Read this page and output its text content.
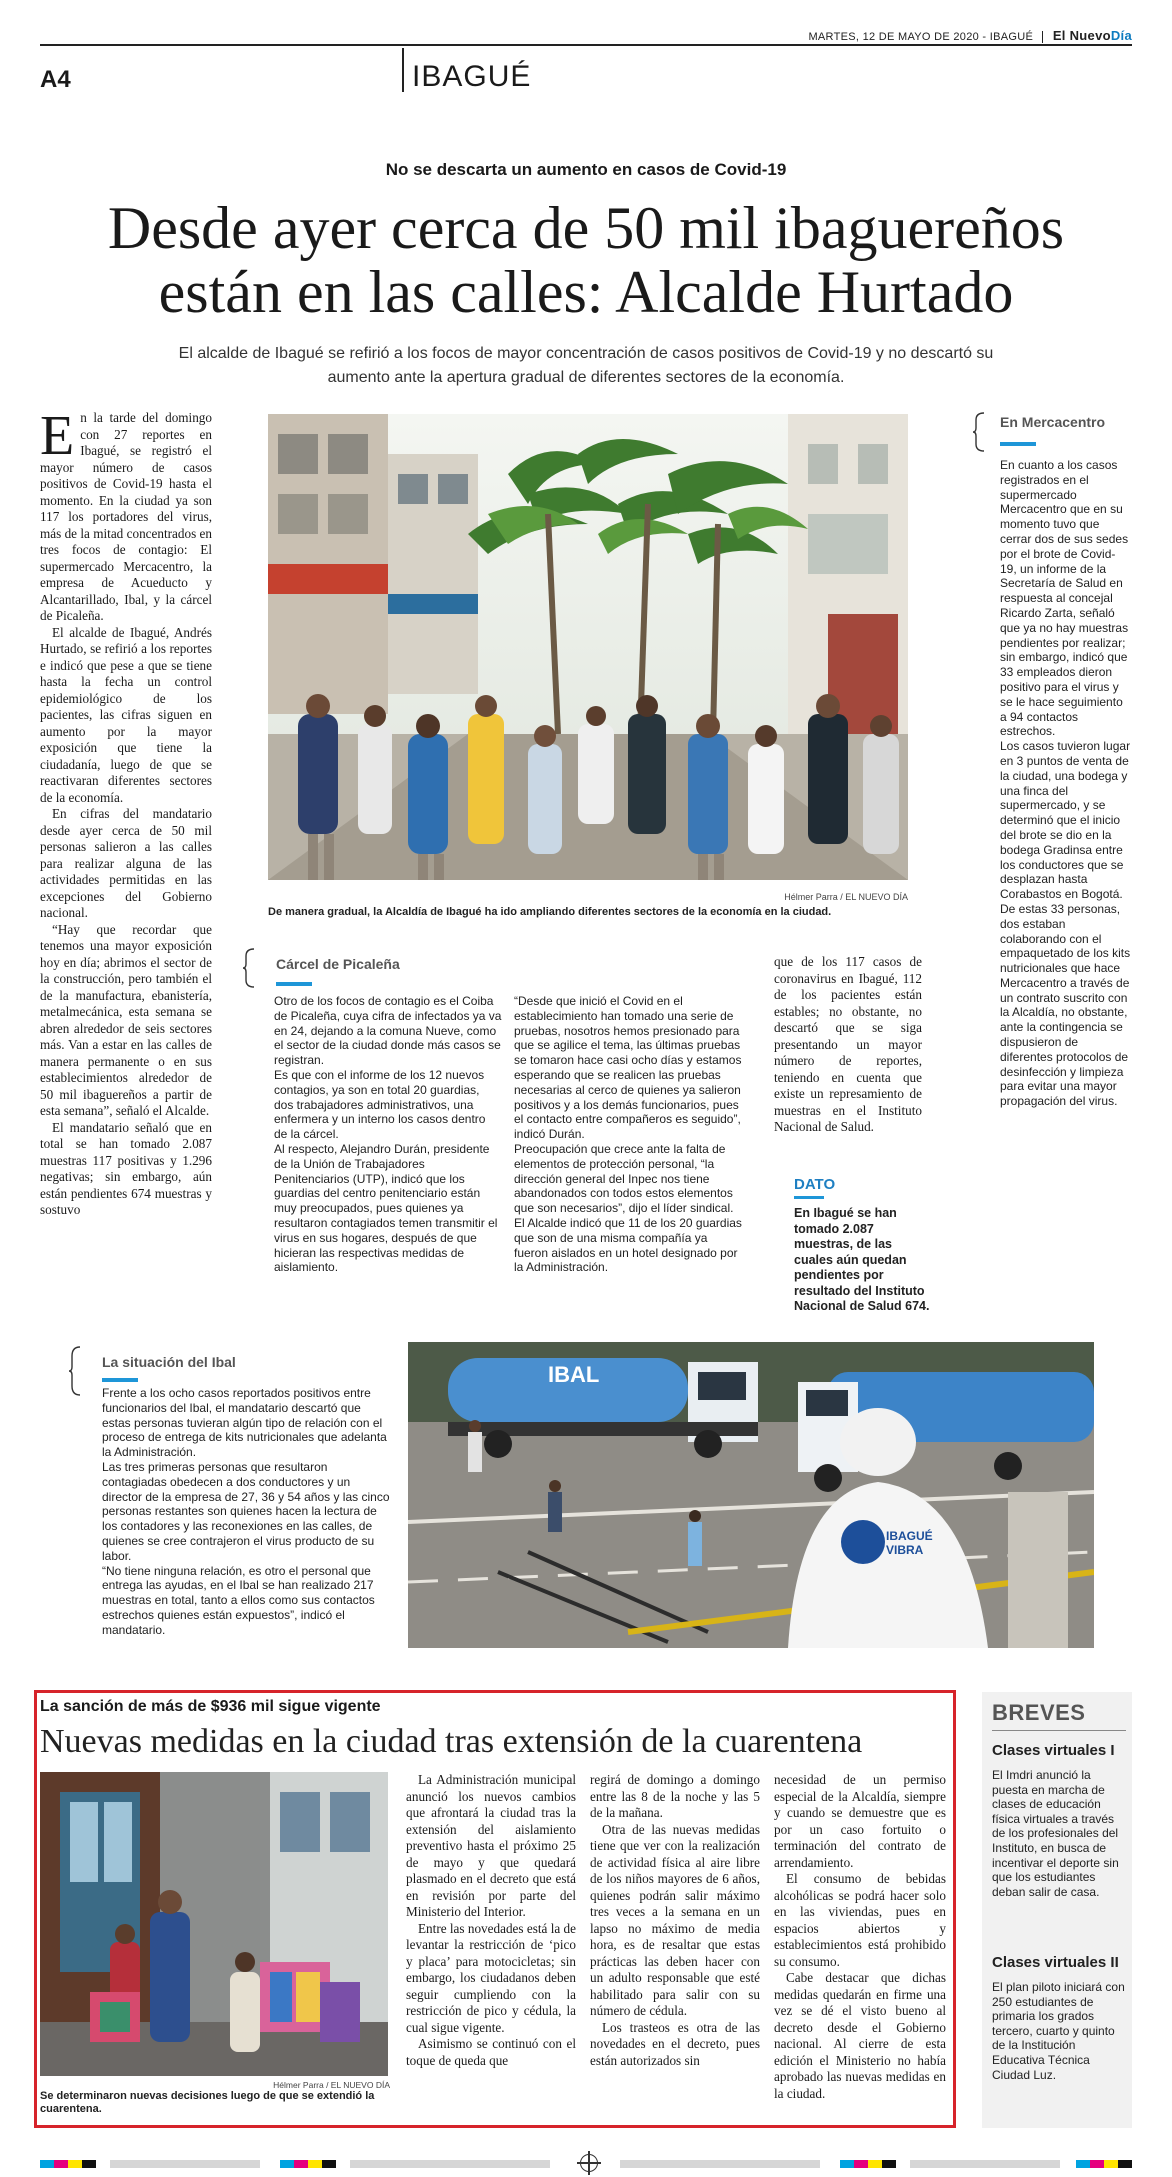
MARTES, 12 DE MAYO DE 2020 - IBAGUÉ El NuevoDía
A4	IBAGUÉ
No se descarta un aumento en casos de Covid-19
Desde ayer cerca de 50 mil ibaguereños están en las calles: Alcalde Hurtado
El alcalde de Ibagué se refirió a los focos de mayor concentración de casos positivos de Covid-19 y no descartó su aumento ante la apertura gradual de diferentes sectores de la economía.

En la tarde del domingo con 27 reportes en Ibagué, se registró el mayor número de casos positivos de Covid-19 hasta el momento. En la ciudad ya son 117 los portadores del virus, más de la mitad concentrados en tres focos de contagio: El supermercado Mercacentro, la empresa de Acueducto y Alcantarillado, Ibal, y la cárcel de Picaleña.

El alcalde de Ibagué, Andrés Hurtado, se refirió a los reportes e indicó que pese a que se tiene hasta la fecha un control epidemiológico de los pacientes, las cifras siguen en aumento por la mayor exposición que tiene la ciudadanía, luego de que se reactivaran diferentes sectores de la economía.

En cifras del mandatario desde ayer cerca de 50 mil personas salieron a las calles para realizar alguna de las actividades permitidas en las excepciones del Gobierno nacional.

“Hay que recordar que tenemos una mayor exposición hoy en día; abrimos el sector de la construcción, pero también el de la manufactura, ebanistería, metalmecánica, esta semana se abren alrededor de seis sectores más. Van a estar en las calles de manera permanente o en sus establecimientos alrededor de 50 mil ibaguereños a partir de esta semana”, señaló el Alcalde.

El mandatario señaló que en total se han tomado 2.087 muestras 117 positivas y 1.296 negativas; sin embargo, aún están pendientes 674 muestras y sostuvo

Hélmer Parra / EL NUEVO DÍA
De manera gradual, la Alcaldía de Ibagué ha ido ampliando diferentes sectores de la economía en la ciudad.
En Mercacentro

En cuanto a los casos registrados en el supermercado Mercacentro que en su momento tuvo que cerrar dos de sus sedes por el brote de Covid-19, un informe de la Secretaría de Salud en respuesta al concejal Ricardo Zarta, señaló que ya no hay muestras pendientes por realizar; sin embargo, indicó que 33 empleados dieron positivo para el virus y se le hace seguimiento a 94 contactos estrechos.

Los casos tuvieron lugar en 3 puntos de venta de la ciudad, una bodega y una finca del supermercado, y se determinó que el inicio del brote se dio en la bodega Gradinsa entre los conductores que se desplazan hasta Corabastos en Bogotá.

De estas 33 personas, dos estaban colaborando con el empaquetado de los kits nutricionales que hace Mercacentro a través de un contrato suscrito con la Alcaldía, no obstante, ante la contingencia se dispusieron de diferentes protocolos de desinfección y limpieza para evitar una mayor propagación del virus.

Cárcel de Picaleña

Otro de los focos de contagio es el Coiba de Picaleña, cuya cifra de infectados ya va en 24, dejando a la comuna Nueve, como el sector de la ciudad donde más casos se registran.

Es que con el informe de los 12 nuevos contagios, ya son en total 20 guardias, dos trabajadores administrativos, una enfermera y un interno los casos dentro de la cárcel.

Al respecto, Alejandro Durán, presidente de la Unión de Trabajadores Penitenciarios (UTP), indicó que los guardias del centro penitenciario están muy preocupados, pues quienes ya resultaron contagiados temen transmitir el virus en sus hogares, después de que hicieran las respectivas medidas de aislamiento.

“Desde que inició el Covid en el establecimiento han tomado una serie de pruebas, nosotros hemos presionado para que se agilice el tema, las últimas pruebas se tomaron hace casi ocho días y estamos esperando que se realicen las pruebas necesarias al cerco de quienes ya salieron positivos y a los demás funcionarios, pues el contacto entre compañeros es seguido”, indicó Durán.

Preocupación que crece ante la falta de elementos de protección personal, “la dirección general del Inpec nos tiene abandonados con todos estos elementos que son necesarios”, dijo el líder sindical.

El Alcalde indicó que 11 de los 20 guardias que son de una misma compañía ya fueron aislados en un hotel designado por la Administración.

que de los 117 casos de coronavirus en Ibagué, 112 de los pacientes están estables; no obstante, no descartó que se siga presentando un mayor número de reportes, teniendo en cuenta que existe un represamiento de muestras en el Instituto Nacional de Salud.

DATO
En Ibagué se han tomado 2.087 muestras, de las cuales aún quedan pendientes por resultado del Instituto Nacional de Salud 674.
La situación del Ibal

Frente a los ocho casos reportados positivos entre funcionarios del Ibal, el mandatario descartó que estas personas tuvieran algún tipo de relación con el proceso de entrega de kits nutricionales que adelanta la Administración.

Las tres primeras personas que resultaron contagiadas obedecen a dos conductores y un director de la empresa de 27, 36 y 54 años y las cinco personas restantes son quienes hacen la lectura de los contadores y las reconexiones en las calles, de quienes se cree contrajeron el virus producto de su labor.

“No tiene ninguna relación, es otro el personal que entrega las ayudas, en el Ibal se han realizado 217 muestras en total, tanto a ellos como sus contactos estrechos quienes están expuestos”, indicó el mandatario.

IBAL
IBAGUÉ
VIBRA
La sanción de más de $936 mil sigue vigente
Nuevas medidas en la ciudad tras extensión de la cuarentena
Hélmer Parra / EL NUEVO DÍA
Se determinaron nuevas decisiones luego de que se extendió la cuarentena.

La Administración municipal anunció los nuevos cambios que afrontará la ciudad tras la extensión del aislamiento preventivo hasta el próximo 25 de mayo y que quedará plasmado en el decreto que está en revisión por parte del Ministerio del Interior.

Entre las novedades está la de levantar la restricción de ‘pico y placa’ para motocicletas; sin embargo, los ciudadanos deben seguir cumpliendo con la restricción de pico y cédula, la cual sigue vigente.

Asimismo se continuó con el toque de queda que

regirá de domingo a domingo entre las 8 de la noche y las 5 de la mañana.

Otra de las nuevas medidas tiene que ver con la realización de actividad física al aire libre de los niños mayores de 6 años, quienes podrán salir máximo tres veces a la semana en un lapso no máximo de media hora, es de resaltar que estas prácticas las deben hacer con un adulto responsable que esté habilitado para salir con su número de cédula.

Los trasteos es otra de las novedades en el decreto, pues están autorizados sin

necesidad de un permiso especial de la Alcaldía, siempre y cuando se demuestre que es por un caso fortuito o terminación del contrato de arrendamiento.

El consumo de bebidas alcohólicas se podrá hacer solo en las viviendas, pues en espacios abiertos y establecimientos está prohibido su consumo.

Cabe destacar que dichas medidas quedarán en firme una vez se dé el visto bueno al decreto desde el Gobierno nacional. Al cierre de esta edición el Ministerio no había aprobado las nuevas medidas en la ciudad.

BREVES
Clases virtuales I
El Imdri anunció la puesta en marcha de clases de educación física virtuales a través de los profesionales del Instituto, en busca de incentivar el deporte sin que los estudiantes deban salir de casa.
Clases virtuales II
El plan piloto iniciará con 250 estudiantes de primaria los grados tercero, cuarto y quinto de la Institución Educativa Técnica Ciudad Luz.
